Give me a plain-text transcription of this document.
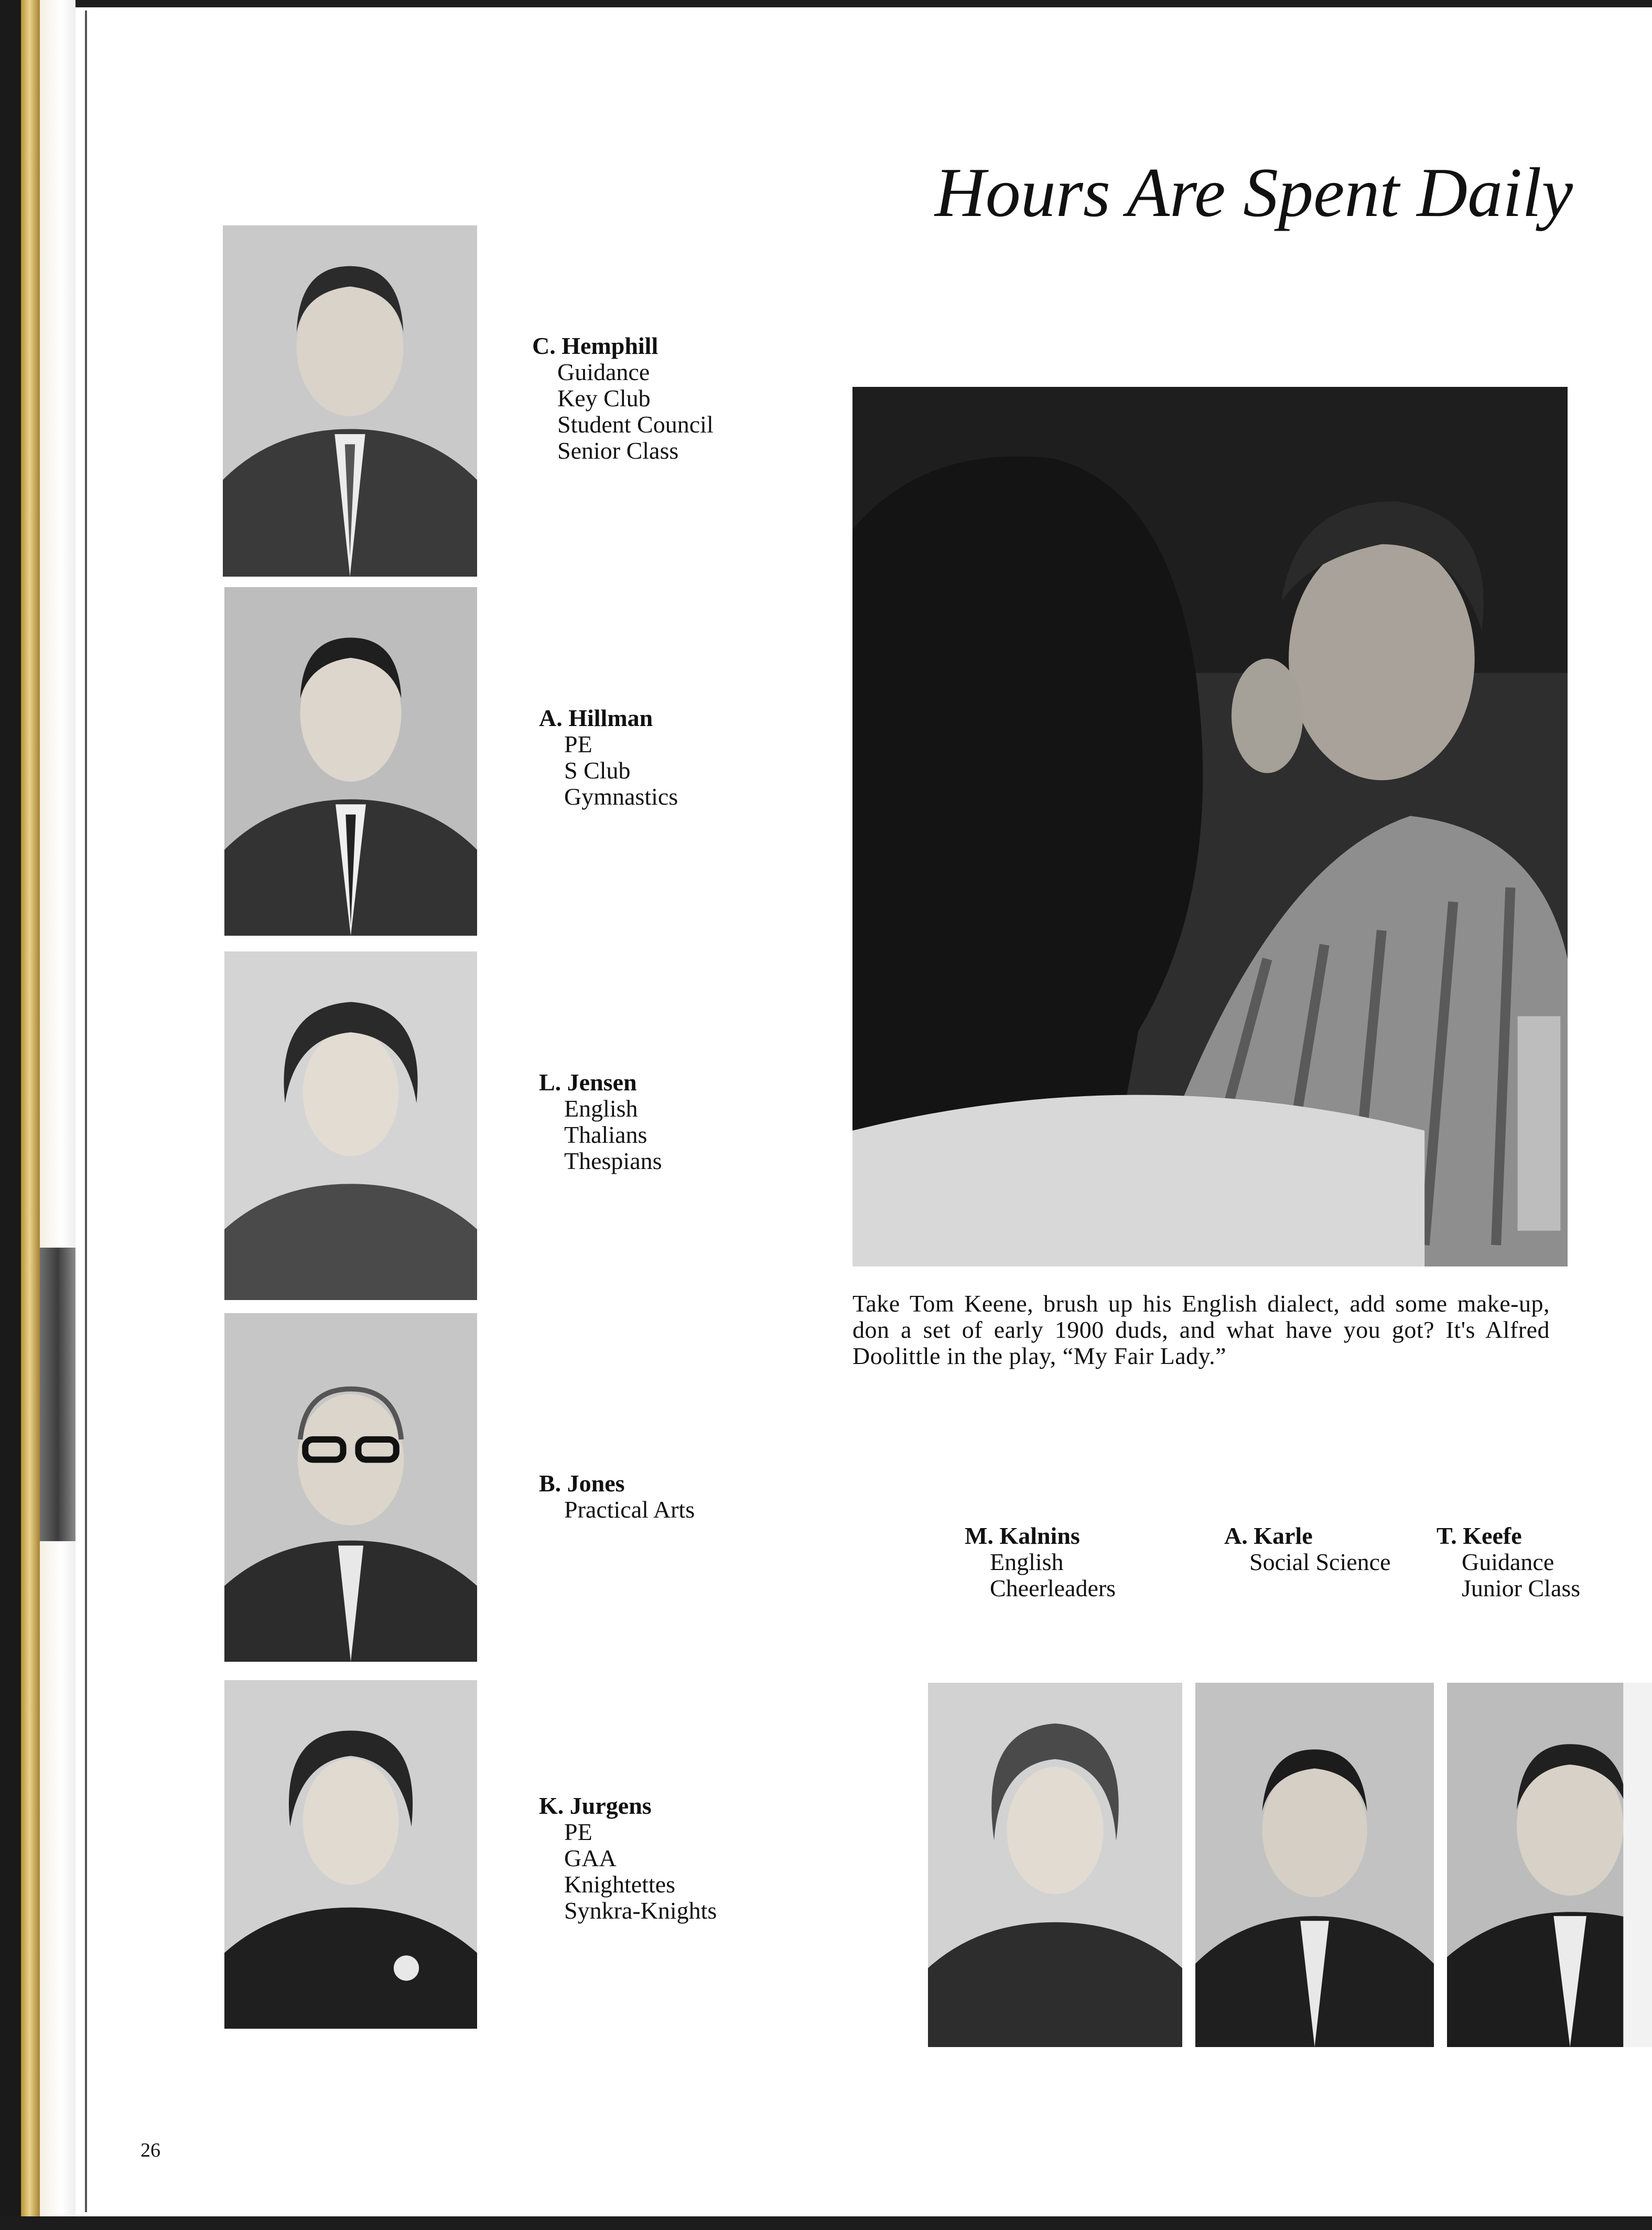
Hours Are Spent Daily
C. Hemphill
Guidance
Key Club
Student Council
Senior Class
A. Hillman
PE
S Club
Gymnastics
L. Jensen
English
Thalians
Thespians
B. Jones
Practical Arts
K. Jurgens
PE
GAA
Knightettes
Synkra-Knights
Take Tom Keene, brush up his English dialect, add some make-up, don a set of early 1900 duds, and what have you got? It's Alfred Doolittle in the play, “My Fair Lady.”
M. Kalnins
English
Cheerleaders
A. Karle
Social Science
T. Keefe
Guidance
Junior Class
26
